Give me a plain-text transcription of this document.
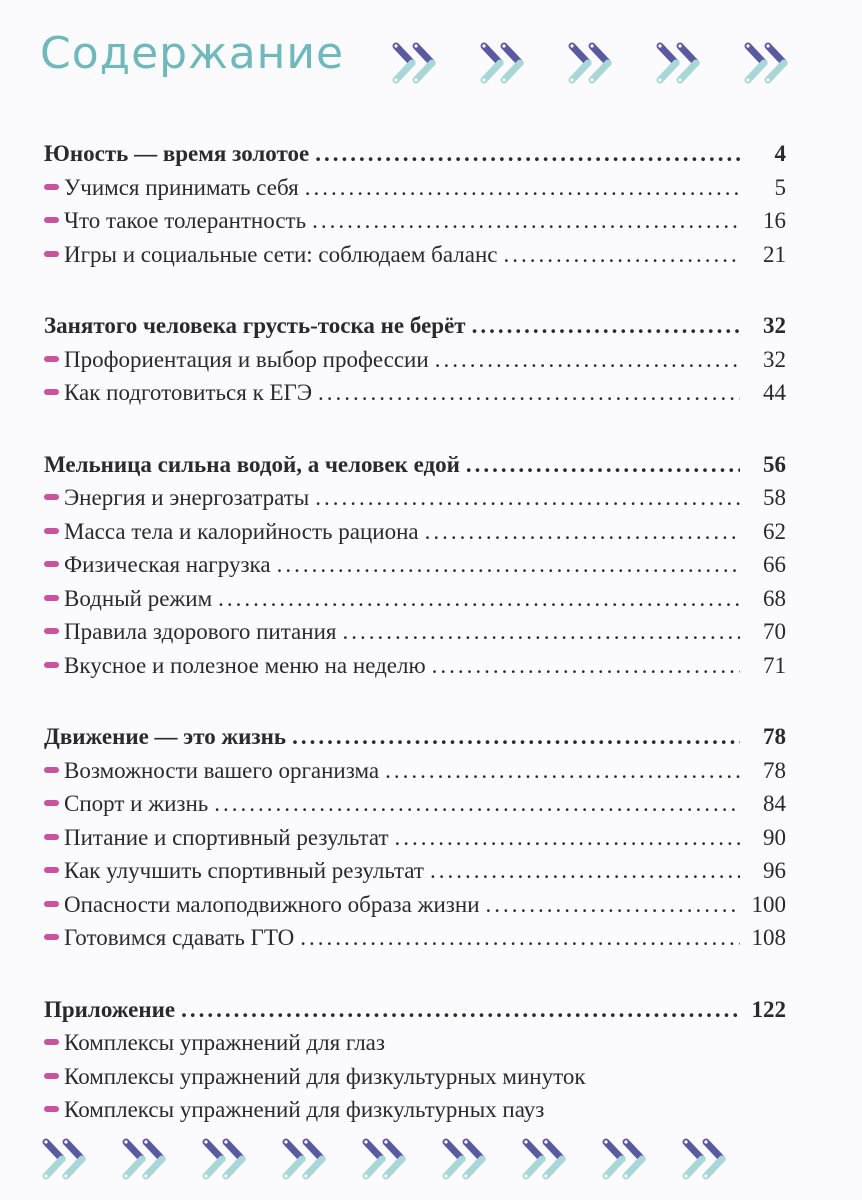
Содержание
Юность — время золотое .....	4
Учимся принимать себя .....	5
Что такое толерантность .....	16
Игры и социальные сети: соблюдаем баланс .....	21
Занятого человека грусть-тоска не берёт .....	32
Профориентация и выбор профессии .....	32
Как подготовиться к ЕГЭ .....	44
Мельница сильна водой, а человек едой .....	56
Энергия и энергозатраты .....	58
Масса тела и калорийность рациона .....	62
Физическая нагрузка .....	66
Водный режим .....	68
Правила здорового питания .....	70
Вкусное и полезное меню на неделю .....	71
Движение — это жизнь .....	78
Возможности вашего организма .....	78
Спорт и жизнь .....	84
Питание и спортивный результат .....	90
Как улучшить спортивный результат .....	96
Опасности малоподвижного образа жизни .....	100
Готовимся сдавать ГТО .....	108
Приложение .....	122
Комплексы упражнений для глаз
Комплексы упражнений для физкультурных минуток
Комплексы упражнений для физкультурных пауз
